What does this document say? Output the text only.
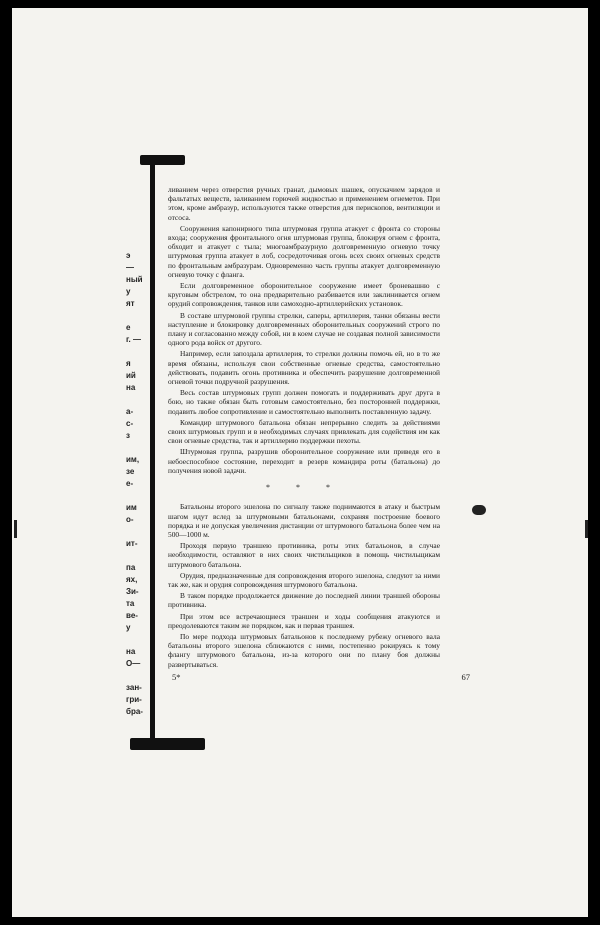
э
—
ный
у
ят
е
г. —
я
ий
на
а-
с-
з
им,
зе
е-
им
о-
ит-
па
ях,
Зи-
та
ве-
у
на
О—
зан-
гри-
бра-

ливанием через отверстия ручных гранат, дымовых шашек, опускачием зарядов и фальтатых веществ, заливанием горючей жидкостью и применением огнеметов. При этом, кроме амбразур, используются также отверстия для перископов, вентиляции и отсоса.

Сооружения капонирного типа штурмовая группа атакует с фронта со стороны входа; сооружения фронтального огня штурмовая группа, блокируя огнем с фронта, обходит и атакует с тыла; многоамбразурную долговременную огневую точку штурмовая группа атакует в лоб, сосредоточивая огонь всех своих огневых средств по фронтальным амбразурам. Одновременно часть группы атакует долговременную огневую точку с фланга.

Если долговременное оборонительное сооружение имеет броневашню с круговым обстрелом, то она предварительно разбивается или заклинивается огнем орудий сопровождения, танков или самоходно-артиллерийских установок.

В составе штурмовой группы стрелки, саперы, артиллерия, танки обязаны вести наступление и блокировку долговременных оборонительных сооружений строго по плану и согласованно между собой, ни в коем случае не создавая полной зависимости одного рода войск от другого.

Например, если запоздала артиллерия, то стрелки должны помочь ей, но в то же время обязаны, используя свои собственные огневые средства, самостоятельно действовать, подавить огонь противника и обеспечить разрушение долговременной огневой точки подручной разрушения.

Весь состав штурмовых групп должен помогать и поддерживать друг друга в бою, но также обязан быть готовым самостоятельно, без посторонней поддержки, подавить любое сопротивление и самостоятельно выполнить поставленную задачу.

Командир штурмового батальона обязан непрерывно следить за действиями своих штурмовых групп и в необходимых случаях привлекать для содействия им как свои огневые средства, так и артиллерию поддержки пехоты.

Штурмовая группа, разрушив оборонительное сооружение или приведя его в небоеспособное состояние, переходит в резерв командира роты (батальона) до получения новой задачи.

* * *

Батальоны второго эшелона по сигналу также поднимаются в атаку и быстрым шагом идут вслед за штурмовыми батальонами, сохраняя построение боевого порядка и не допуская увеличения дистанции от штурмового батальона более чем на 500—1000 м.

Проходя первую траншею противника, роты этих батальонов, в случае необходимости, оставляют в них своих чистильщиков в помощь чистильщикам штурмового батальона.

Орудия, предназначенные для сопровождения второго эшелона, следуют за ними так же, как и орудия сопровождения штурмового батальона.

В таком порядке продолжается движение до последней линии траншей обороны противника.

При этом все встречающиеся траншеи и ходы сообщения атакуются и преодолеваются таким же порядком, как и первая траншея.

По мере подхода штурмовых батальонов к последнему рубежу огневого вала батальоны второго эшелона сближаются с ними, постепенно рокируясь к тому флангу штурмового батальона, из-за которого они по плану боя должны развертываться.

5*	67
